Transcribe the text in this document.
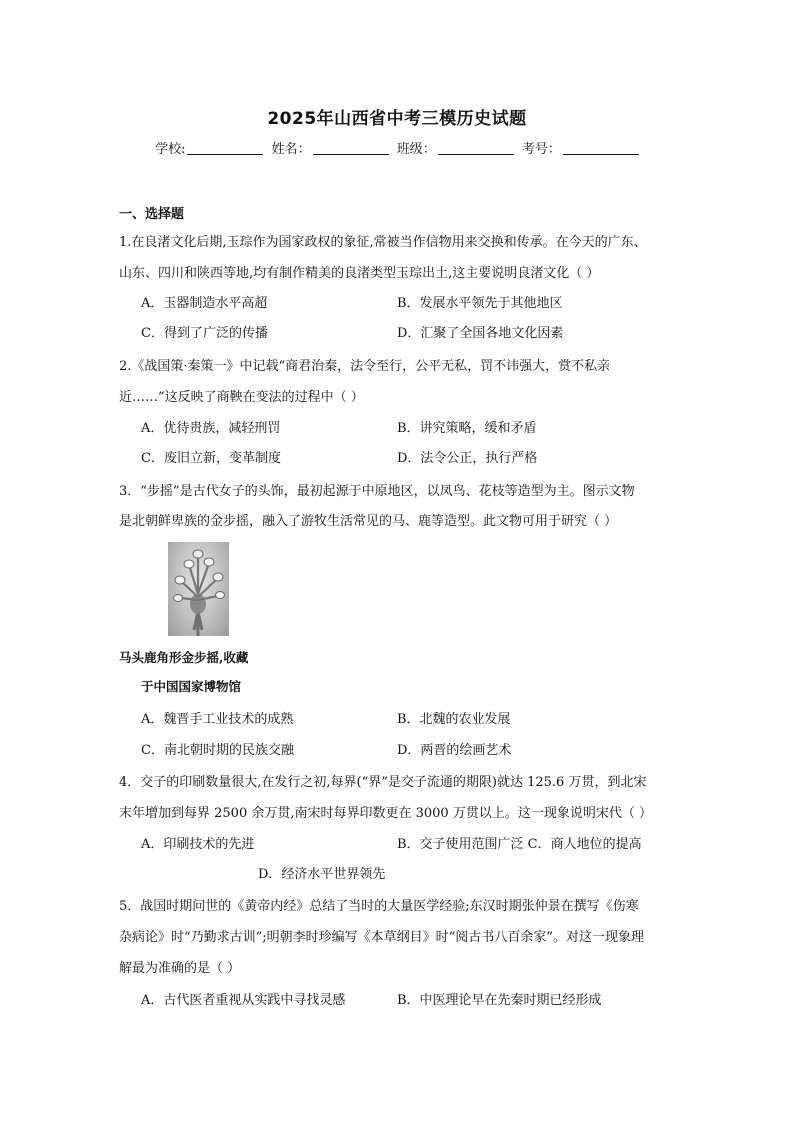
2025年山西省中考三模历史试题
学校:	姓名：	班级：	考号：
一、选择题
1.在良渚文化后期,玉琮作为国家政权的象征,常被当作信物用来交换和传承。在今天的广东、
山东、四川和陕西等地,均有制作精美的良渚类型玉琮出土,这主要说明良渚文化（ ）
A．玉器制造水平高超	B．发展水平领先于其他地区
C．得到了广泛的传播	D．汇聚了全国各地文化因素
2.《战国策·秦策一》中记载“商君治秦，法令至行，公平无私，罚不讳强大，赏不私亲
近……”这反映了商鞅在变法的过程中（ ）
A．优待贵族，减轻刑罚	B．讲究策略，缓和矛盾
C．废旧立新，变革制度	D．法令公正，执行严格
3．“步摇”是古代女子的头饰，最初起源于中原地区，以凤鸟、花枝等造型为主。图示文物
是北朝鲜卑族的金步摇，融入了游牧生活常见的马、鹿等造型。此文物可用于研究（ ）
马头鹿角形金步摇,收藏
于中国国家博物馆
A．魏晋手工业技术的成熟	B．北魏的农业发展
C．南北朝时期的民族交融	D．两晋的绘画艺术
4．交子的印刷数量很大,在发行之初,每界(“界”是交子流通的期限)就达 125.6 万贯，到北宋
末年增加到每界 2500 余万贯,南宋时每界印数更在 3000 万贯以上。这一现象说明宋代（ ）
A．印刷技术的先进	B．交子使用范围广泛 C．商人地位的提高
D．经济水平世界领先
5．战国时期问世的《黄帝内经》总结了当时的大量医学经验;东汉时期张仲景在撰写《伤寒
杂病论》时“乃勤求古训”;明朝李时珍编写《本草纲目》时“阅古书八百余家”。对这一现象理
解最为准确的是（ ）
A．古代医者重视从实践中寻找灵感	B．中医理论早在先秦时期已经形成
